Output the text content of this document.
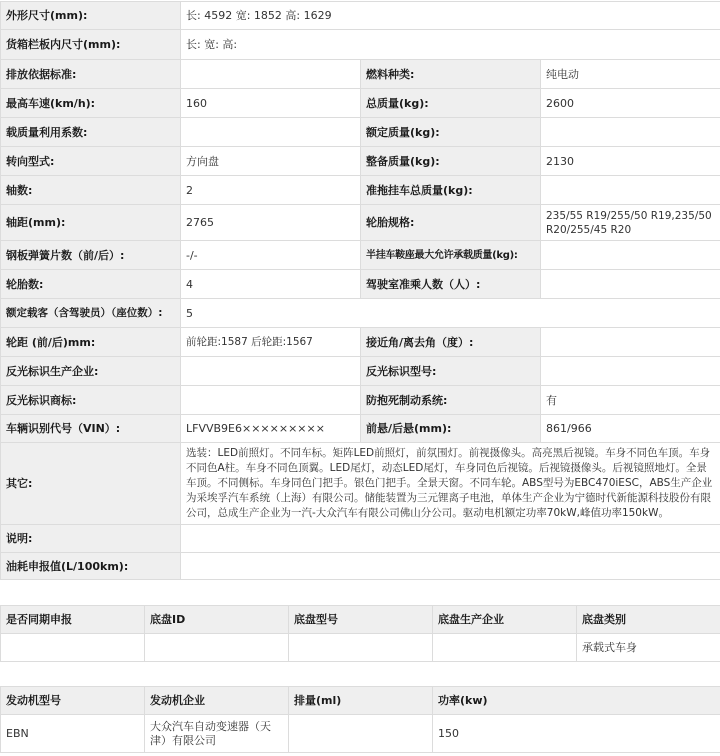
外形尺寸(mm):	长: 4592 宽: 1852 高: 1629		
货箱栏板内尺寸(mm):	长: 宽: 高:		
排放依据标准:		燃料种类:	纯电动
最高车速(km/h):	160	总质量(kg):	2600
载质量利用系数:		额定质量(kg):	
转向型式:	方向盘	整备质量(kg):	2130
轴数:	2	准拖挂车总质量(kg):	
轴距(mm):	2765	轮胎规格:	235/55 R19/255/50 R19,235/50 R20/255/45 R20
钢板弹簧片数（前/后）:	-/-	半挂车鞍座最大允许承载质量(kg):	
轮胎数:	4	驾驶室准乘人数（人）:	
额定载客（含驾驶员）（座位数）:	5		
轮距 (前/后)mm:	前轮距:1587 后轮距:1567	接近角/离去角（度）:	
反光标识生产企业:		反光标识型号:	
反光标识商标:		防抱死制动系统:	有
车辆识别代号（VIN）:	LFVVB9E6×××××××××	前悬/后悬(mm):	861/966
其它:	选装：LED前照灯。不同车标。矩阵LED前照灯，前氛围灯。前视摄像头。高亮黑后视镜。车身不同色车顶。车身不同色A柱。车身不同色顶翼。LED尾灯，动态LED尾灯，车身同色后视镜。后视镜摄像头。后视镜照地灯。全景车顶。不同侧标。车身同色门把手。银色门把手。全景天窗。不同车轮。ABS型号为EBC470iESC，ABS生产企业为采埃孚汽车系统（上海）有限公司。储能装置为三元锂离子电池，单体生产企业为宁德时代新能源科技股份有限公司，总成生产企业为一汽-大众汽车有限公司佛山分公司。驱动电机额定功率70kW,峰值功率150kW。		
说明:			
油耗申报值(L/100km):			
是否同期申报	底盘ID	底盘型号	底盘生产企业	底盘类别
				承载式车身
发动机型号	发动机企业	排量(ml)	功率(kw)
EBN	大众汽车自动变速器（天津）有限公司		150
